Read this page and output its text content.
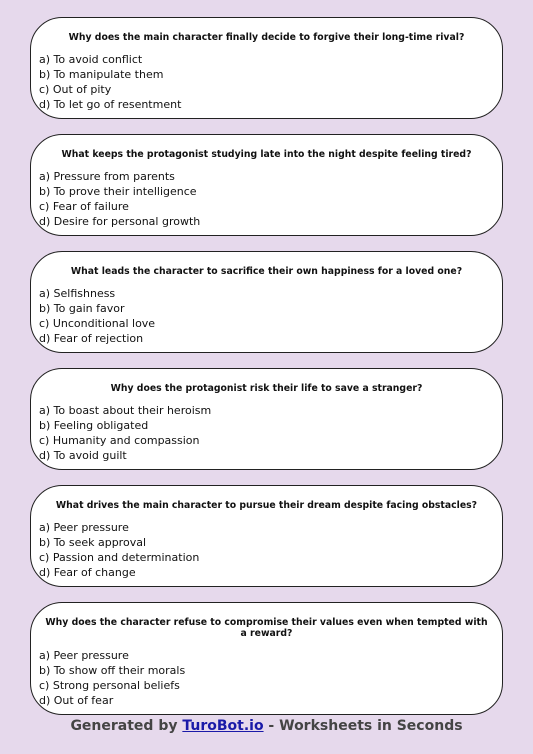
Why does the main character finally decide to forgive their long-time rival?
a) To avoid conflict
b) To manipulate them
c) Out of pity
d) To let go of resentment
What keeps the protagonist studying late into the night despite feeling tired?
a) Pressure from parents
b) To prove their intelligence
c) Fear of failure
d) Desire for personal growth
What leads the character to sacrifice their own happiness for a loved one?
a) Selfishness
b) To gain favor
c) Unconditional love
d) Fear of rejection
Why does the protagonist risk their life to save a stranger?
a) To boast about their heroism
b) Feeling obligated
c) Humanity and compassion
d) To avoid guilt
What drives the main character to pursue their dream despite facing obstacles?
a) Peer pressure
b) To seek approval
c) Passion and determination
d) Fear of change
Why does the character refuse to compromise their values even when tempted with a reward?
a) Peer pressure
b) To show off their morals
c) Strong personal beliefs
d) Out of fear
Generated by TuroBot.io - Worksheets in Seconds
